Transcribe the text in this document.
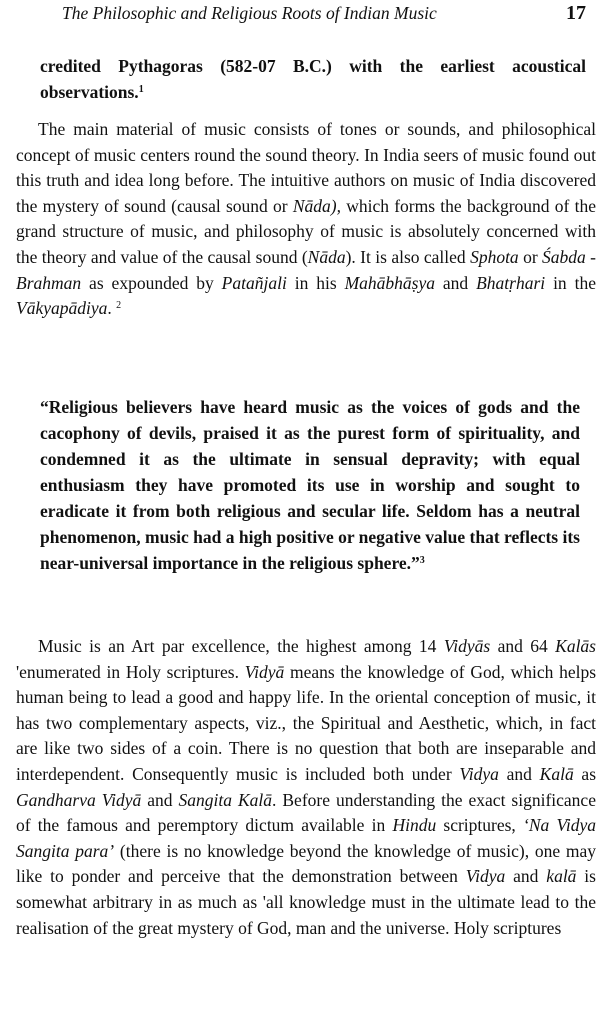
The Philosophic and Religious Roots of Indian Music	17

credited Pythagoras (582-07 B.C.) with the earliest acoustical observations.$^1$

The main material of music consists of tones or sounds, and philosophical concept of music centers round the sound theory. In India seers of music found out this truth and idea long before. The intuitive authors on music of India discovered the mystery of sound (causal sound or Nāda), which forms the background of the grand structure of music, and philosophy of music is absolutely concerned with the theory and value of the causal sound (Nāda). It is also called Sphota or Śabda -Brahman as expounded by Patañjali in his Mahābhāṣya and Bhatṛhari in the Vākyapādiya. $^2$

“Religious believers have heard music as the voices of gods and the cacophony of devils, praised it as the purest form of spirituality, and condemned it as the ultimate in sensual depravity; with equal enthusiasm they have promoted its use in worship and sought to eradicate it from both religious and secular life. Seldom has a neutral phenomenon, music had a high positive or negative value that reflects its near-universal importance in the religious sphere.”$^3$

Music is an Art par excellence, the highest among 14 Vidyās and 64 Kalās 'enumerated in Holy scriptures. Vidyā means the knowledge of God, which helps human being to lead a good and happy life. In the oriental conception of music, it has two complementary aspects, viz., the Spiritual and Aesthetic, which, in fact are like two sides of a coin. There is no question that both are inseparable and interdependent. Consequently music is included both under Vidya and Kalā as Gandharva Vidyā and Sangita Kalā. Before understanding the exact significance of the famous and peremptory dictum available in Hindu scriptures, ‘Na Vidya Sangita para’ (there is no knowledge beyond the knowledge of music), one may like to ponder and perceive that the demonstration between Vidya and kalā is somewhat arbitrary in as much as 'all knowledge must in the ultimate lead to the realisation of the great mystery of God, man and the universe. Holy scriptures
